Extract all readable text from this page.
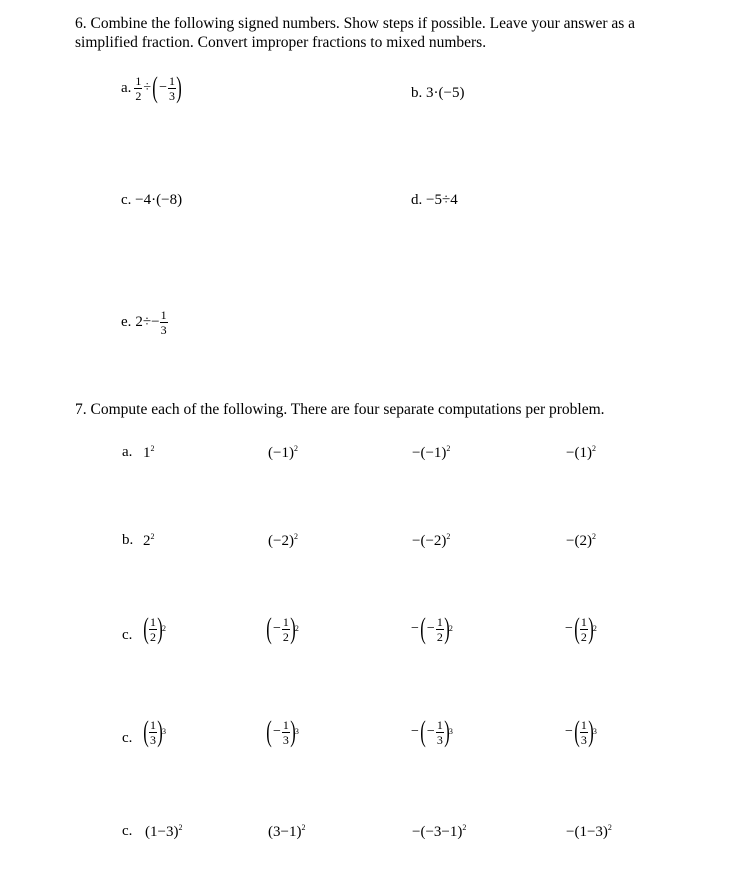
6. Combine the following signed numbers. Show steps if possible. Leave your answer as a
simplified fraction. Convert improper fractions to mixed numbers.
a. $\frac{1}{2}$ ÷ ( − $\frac{1}{3}$ )	b. 3·(−5)
c. −4·(−8)	d. −5÷4
e. $2\div - \frac{1}{3}$
7. Compute each of the following. There are four separate computations per problem.
a. $1^2$	$(-1)^2$	$-(-1)^2$	$-(1)^2$
b. $2^2$	$(-2)^2$	$-(-2)^2$	$-(2)^2$
c. ( $\frac{1}{2}$ ) 2	( − $\frac{1}{2}$ ) 2	− ( − $\frac{1}{2}$ ) 2	− ( $\frac{1}{2}$ ) 2
c. ( $\frac{1}{3}$ ) 3	( − $\frac{1}{3}$ ) 3	− ( − $\frac{1}{3}$ ) 3	− ( $\frac{1}{3}$ ) 3
c. $(1-3)^2$	$(3-1)^2$	$-(-3-1)^2$	$-(1-3)^2$
